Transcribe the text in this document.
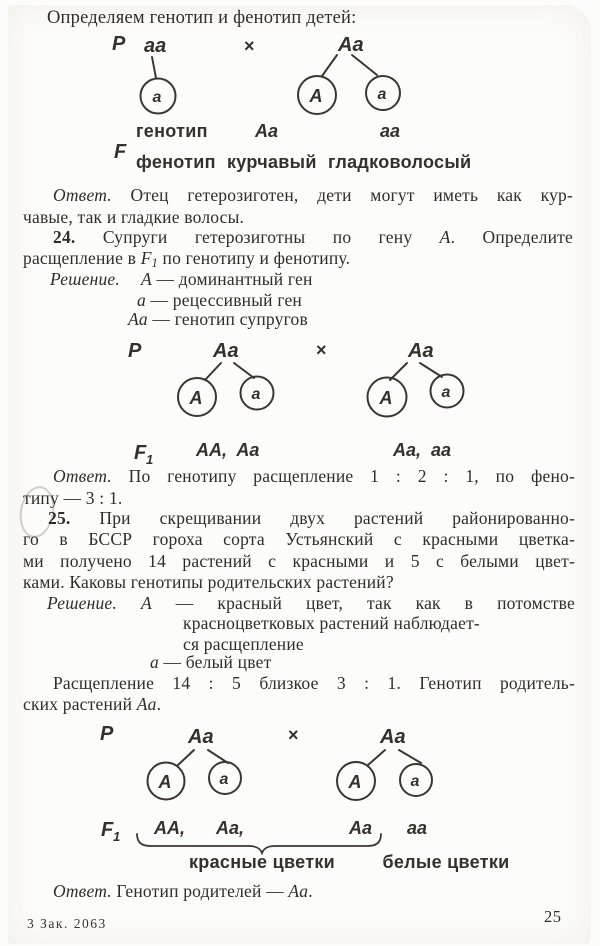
Определяем генотип и фенотип детей:
P aa	×	Aa
a	A	a
генотип	Aa	aa
F фенотип курчавый гладковолосый
Ответ. Отец гетерозиготен, дети могут иметь как кур-
чавые, так и гладкие волосы.
24. Супруги гетерозиготны по гену A. Определите
расщепление в F1 по генотипу и фенотипу.
Решение. A — доминантный ген
a — рецессивный ген
Aa — генотип супругов
P	Aa	×	Aa
A	a	A	a
F 1 AA,  Aa	Aa,  aa
Ответ. По генотипу расщепление 1 : 2 : 1, по фено-
типу — 3 : 1.
25. При скрещивании двух растений районированно-
го в БССР гороха сорта Устьянский с красными цветка-
ми получено 14 растений с красными и 5 с белыми цвет-
ками. Каковы генотипы родительских растений?
Решение. A — красный цвет, так как в потомстве
красноцветковых растений наблюдает-
ся расщепление
a — белый цвет
Расщепление 14 : 5 близкое 3 : 1. Генотип родитель-
ских растений Aa.
P	Aa	×	Aa
A	a	A	a
F 1 AA, Aa,	Aa aa
красные цветки	белые цветки
Ответ. Генотип родителей — Aa.
3 Зак. 2063	25
